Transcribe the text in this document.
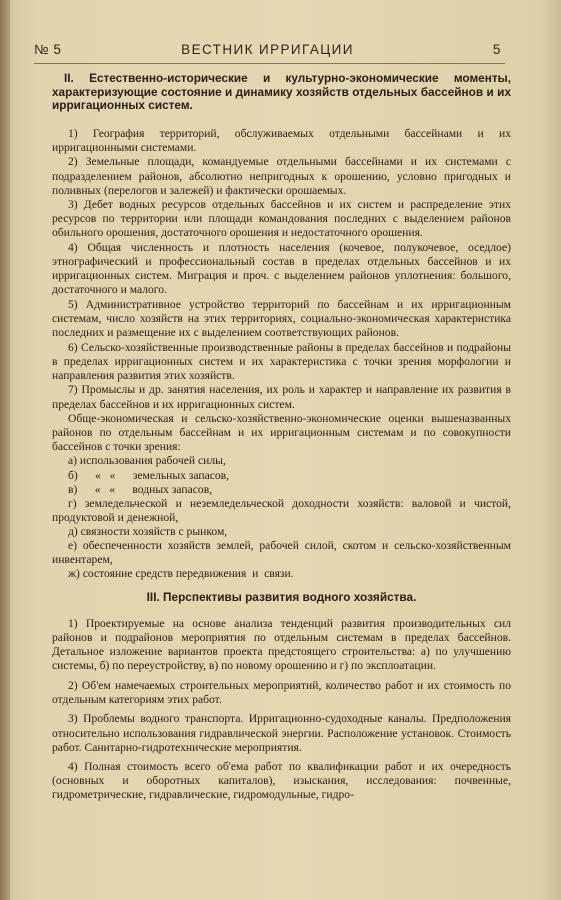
№ 5	ВЕСТНИК ИРРИГАЦИИ	5
II. Естественно-исторические и культурно-экономические моменты, характеризующие состояние и динамику хозяйств отдельных бассейнов и их ирригационных систем.

1) География территорий, обслуживаемых отдельными бассейнами и их ирригационными системами.

2) Земельные площади, командуемые отдельными бассейнами и их системами с подразделением районов, абсолютно непригодных к орошению, условно пригодных и поливных (перелогов и залежей) и фактически орошаемых.

3) Дебет водных ресурсов отдельных бассейнов и их систем и распределение этих ресурсов по территории или площади командования последних с выделением районов обильного орошения, достаточного орошения и недостаточного орошения.

4) Общая численность и плотность населения (кочевое, полукочевое, оседлое) этнографический и профессиональный состав в пределах отдельных бассейнов и их ирригационных систем. Миграция и проч. с выделением районов уплотнения: большого, достаточного и малого.

5) Административное устройство территорий по бассейнам и их ирригационным системам, число хозяйств на этих территориях, социально-экономическая характеристика последних и размещение их с выделением соответствующих районов.

6) Сельско-хозяйственные производственные районы в пределах бассейнов и подрайоны в пределах ирригационных систем и их характеристика с точки зрения морфологии и направления развития этих хозяйств.

7) Промыслы и др. занятия населения, их роль и характер и направление их развития в пределах бассейнов и их ирригационных систем.

Обще-экономическая и сельско-хозяйственно-экономические оценки вышеназванных районов по отдельным бассейнам и их ирригационным системам и по совокупности бассейнов с точки зрения:

а) использования рабочей силы,

б)      «   «      земельных запасов,

в)      «   «      водных запасов,

г) земледельческой и неземледельческой доходности хозяйств: валовой и чистой, продуктовой и денежной,

д) связности хозяйств с рынком,

е) обеспеченности хозяйств землей, рабочей силой, скотом и сельско-хозяйственным инвентарем,

ж) состояние средств передвижения  и  связи.

III. Перспективы развития водного хозяйства.

1) Проектируемые на основе анализа тенденций развития производительных сил районов и подрайонов мероприятия по отдельным системам в пределах бассейнов. Детальное изложение вариантов проекта предстоящего строительства: а) по улучшению системы, б) по переустройству, в) по новому орошению и г) по эксплоатации.

2) Об'ем намечаемых строительных мероприятий, количество работ и их стоимость по отдельным категориям этих работ.

3) Проблемы водного транспорта. Ирригационно-судоходные каналы. Предположения относительно использования гидравлической энергии. Расположение установок. Стоимость работ. Санитарно-гидротехнические мероприятия.

4) Полная стоимость всего об'ема работ по квалификации работ и их очередность (основных и оборотных капиталов), изыскания, исследования: почвенные, гидрометрические, гидравлические, гидромодульные, гидро-
